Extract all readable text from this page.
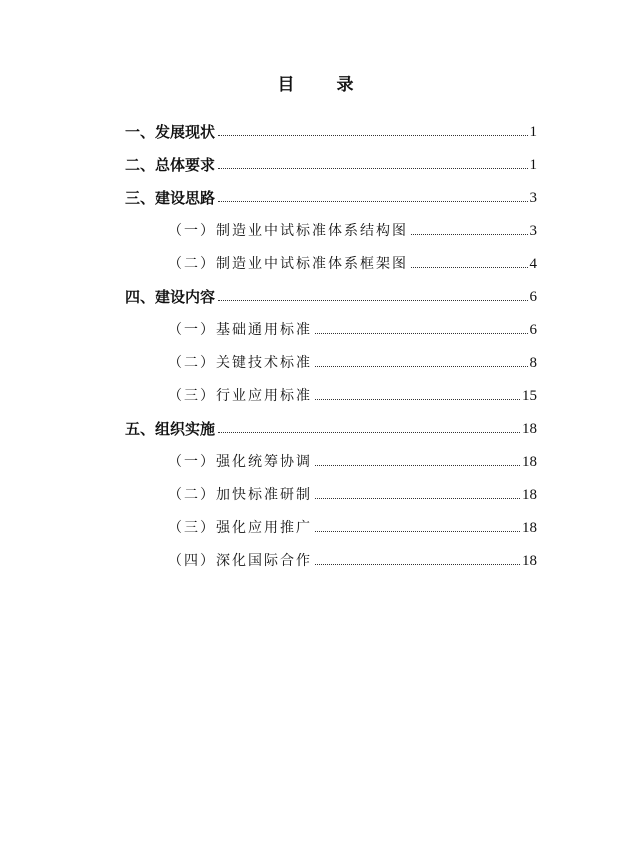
目 录
一、发展现状	1
二、总体要求	1
三、建设思路	3
（一）制造业中试标准体系结构图	3
（二）制造业中试标准体系框架图	4
四、建设内容	6
（一）基础通用标准	6
（二）关键技术标准	8
（三）行业应用标准	15
五、组织实施	18
（一）强化统筹协调	18
（二）加快标准研制	18
（三）强化应用推广	18
（四）深化国际合作	18
